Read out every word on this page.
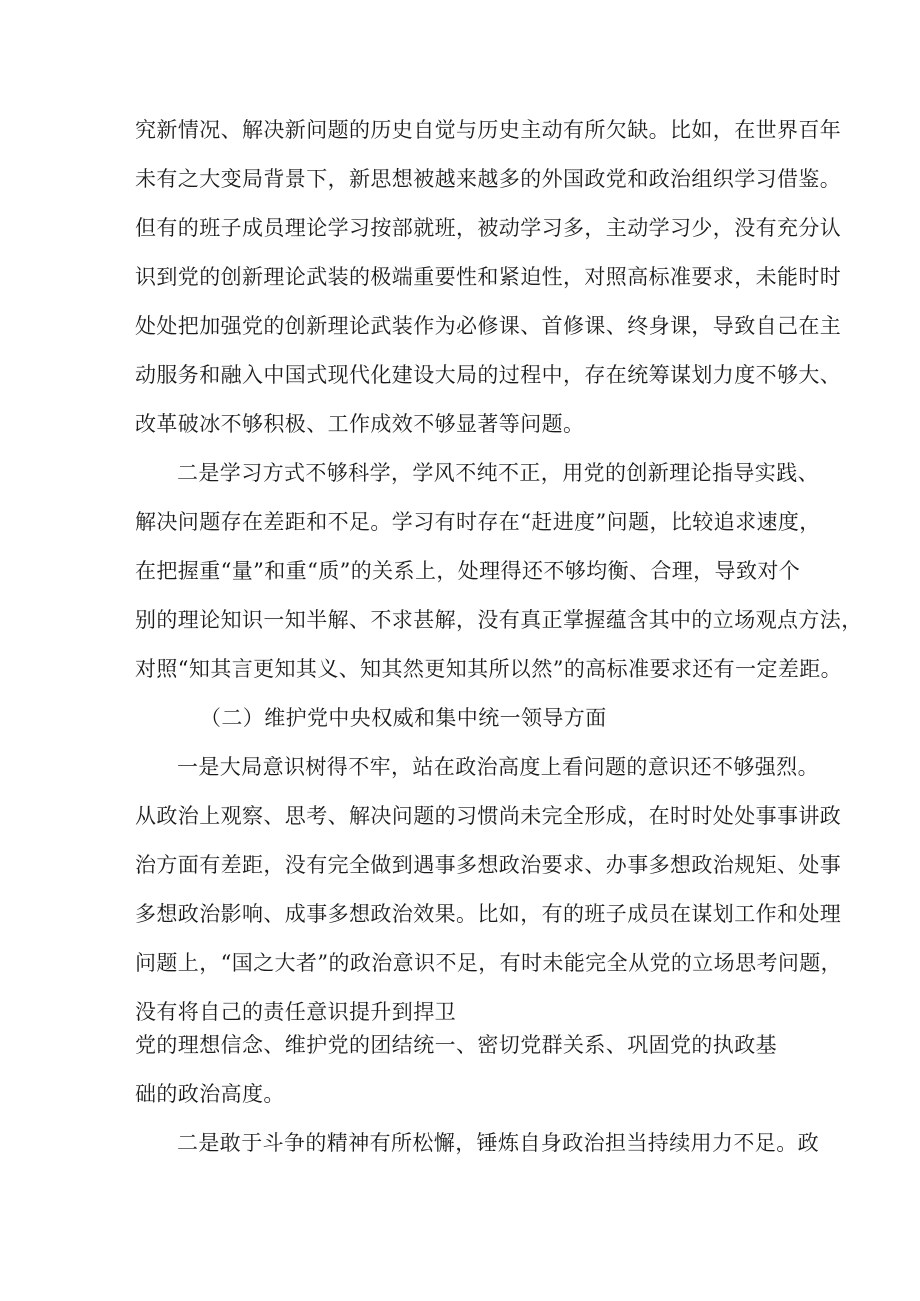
究新情况、解决新问题的历史自觉与历史主动有所欠缺。比如，在世界百年
未有之大变局背景下，新思想被越来越多的外国政党和政治组织学习借鉴。
但有的班子成员理论学习按部就班，被动学习多，主动学习少，没有充分认
识到党的创新理论武装的极端重要性和紧迫性，对照高标准要求，未能时时
处处把加强党的创新理论武装作为必修课、首修课、终身课，导致自己在主
动服务和融入中国式现代化建设大局的过程中，存在统筹谋划力度不够大、
改革破冰不够积极、工作成效不够显著等问题。
二是学习方式不够科学，学风不纯不正，用党的创新理论指导实践、
解决问题存在差距和不足。学习有时存在“赶进度”问题，比较追求速度，
在把握重“量”和重“质”的关系上，处理得还不够均衡、合理，导致对个
别的理论知识一知半解、不求甚解，没有真正掌握蕴含其中的立场观点方法，
对照“知其言更知其义、知其然更知其所以然”的高标准要求还有一定差距。
（二）维护党中央权威和集中统一领导方面
一是大局意识树得不牢，站在政治高度上看问题的意识还不够强烈。
从政治上观察、思考、解决问题的习惯尚未完全形成，在时时处处事事讲政
治方面有差距，没有完全做到遇事多想政治要求、办事多想政治规矩、处事
多想政治影响、成事多想政治效果。比如，有的班子成员在谋划工作和处理
问题上，“国之大者”的政治意识不足，有时未能完全从党的立场思考问题，
没有将自己的责任意识提升到捍卫
党的理想信念、维护党的团结统一、密切党群关系、巩固党的执政基
础的政治高度。
二是敢于斗争的精神有所松懈，锤炼自身政治担当持续用力不足。政
